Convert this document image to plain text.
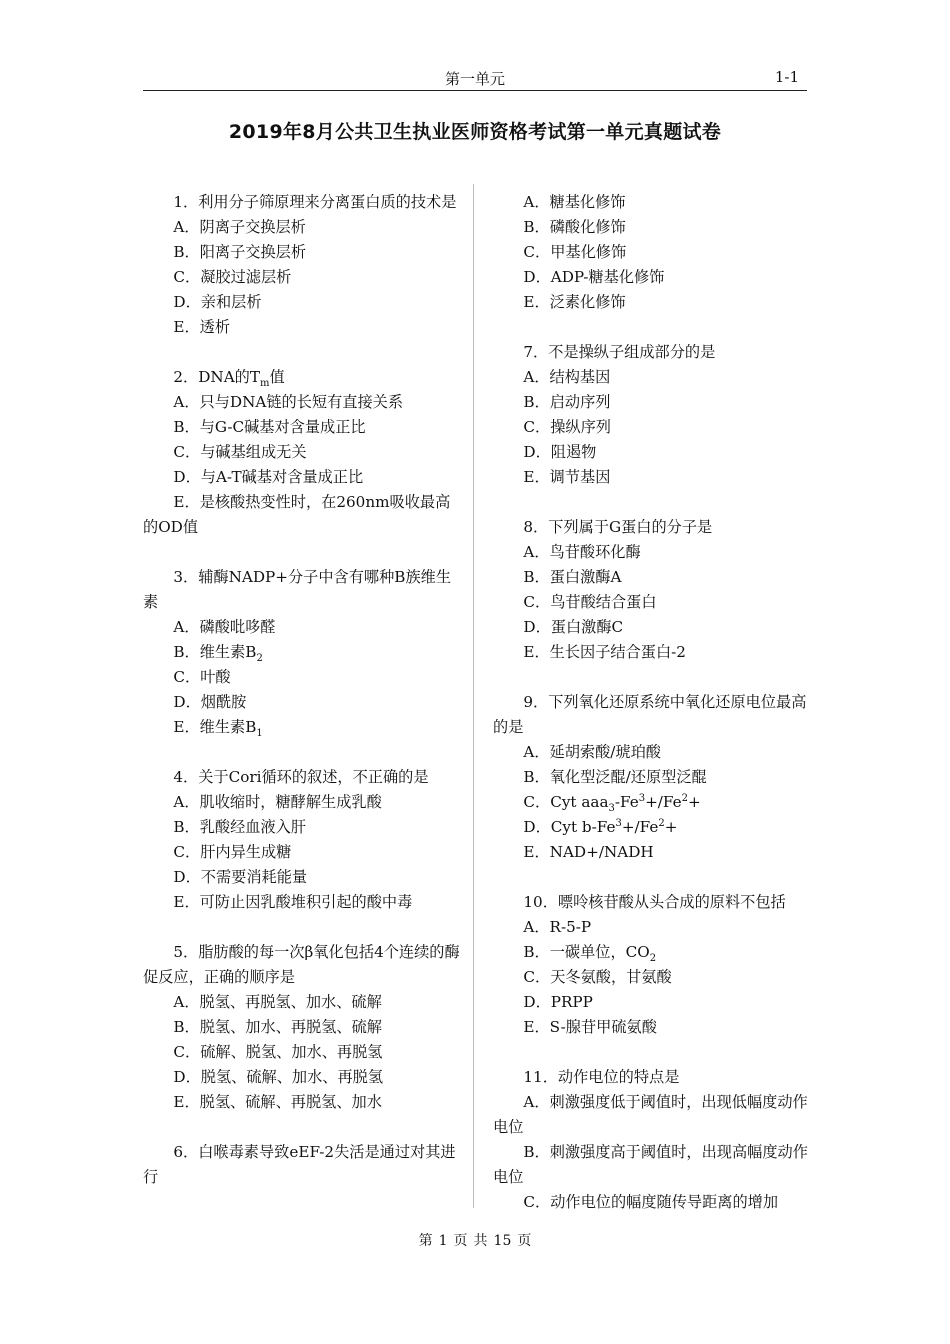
第一单元	1-1
2019年8月公共卫生执业医师资格考试第一单元真题试卷
1．利用分子筛原理来分离蛋白质的技术是
A．阴离子交换层析
B．阳离子交换层析
C．凝胶过滤层析
D．亲和层析
E．透析
2．DNA的$T_m$值
A．只与DNA链的长短有直接关系
B．与G-C碱基对含量成正比
C．与碱基组成无关
D．与A-T碱基对含量成正比
E．是核酸热变性时，在260nm吸收最高的OD值
3．辅酶NADP+分子中含有哪种B族维生素
A．磷酸吡哆醛
B．维生素$B_2$
C．叶酸
D．烟酰胺
E．维生素$B_1$
4．关于Cori循环的叙述，不正确的是
A．肌收缩时，糖酵解生成乳酸
B．乳酸经血液入肝
C．肝内异生成糖
D．不需要消耗能量
E．可防止因乳酸堆积引起的酸中毒
5．脂肪酸的每一次β氧化包括4个连续的酶促反应，正确的顺序是
A．脱氢、再脱氢、加水、硫解
B．脱氢、加水、再脱氢、硫解
C．硫解、脱氢、加水、再脱氢
D．脱氢、硫解、加水、再脱氢
E．脱氢、硫解、再脱氢、加水
6．白喉毒素导致eEF-2失活是通过对其进行
A．糖基化修饰
B．磷酸化修饰
C．甲基化修饰
D．ADP-糖基化修饰
E．泛素化修饰
7．不是操纵子组成部分的是
A．结构基因
B．启动序列
C．操纵序列
D．阻遏物
E．调节基因
8．下列属于G蛋白的分子是
A．鸟苷酸环化酶
B．蛋白激酶A
C．鸟苷酸结合蛋白
D．蛋白激酶C
E．生长因子结合蛋白-2
9．下列氧化还原系统中氧化还原电位最高的是
A．延胡索酸/琥珀酸
B．氧化型泛醌/还原型泛醌
C．Cyt $aaa_3-Fe^3+/Fe^2+$
D．Cyt $b-Fe^3+/Fe^2+$
E．NAD+/NADH
10．嘌呤核苷酸从头合成的原料不包括
A．R-5-P
B．一碳单位，$CO_2$
C．天冬氨酸，甘氨酸
D．PRPP
E．S-腺苷甲硫氨酸
11．动作电位的特点是
A．刺激强度低于阈值时，出现低幅度动作电位
B．刺激强度高于阈值时，出现高幅度动作电位
C．动作电位的幅度随传导距离的增加
第 1 页 共 15 页
